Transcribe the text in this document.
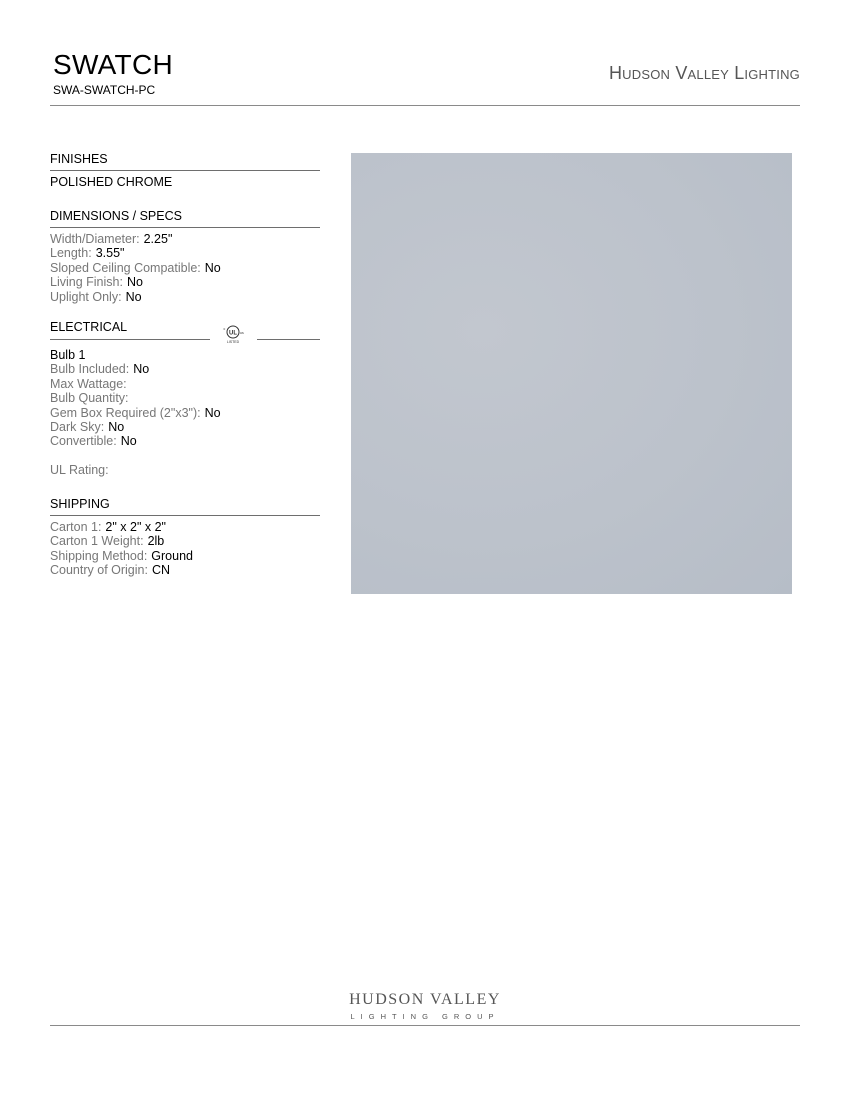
SWATCH
SWA-SWATCH-PC
Hudson Valley Lighting
FINISHES
POLISHED CHROME
DIMENSIONS / SPECS
Width/Diameter: 2.25"
Length: 3.55"
Sloped Ceiling Compatible: No
Living Finish: No
Uplight Only: No
ELECTRICAL	UL
c
us
LISTED
Bulb 1
Bulb Included: No
Max Wattage:
Bulb Quantity:
Gem Box Required (2"x3"): No
Dark Sky: No
Convertible: No
UL Rating:
SHIPPING
Carton 1: 2" x 2" x 2"
Carton 1 Weight: 2lb
Shipping Method: Ground
Country of Origin: CN
HUDSON VALLEY
LIGHTING GROUP
